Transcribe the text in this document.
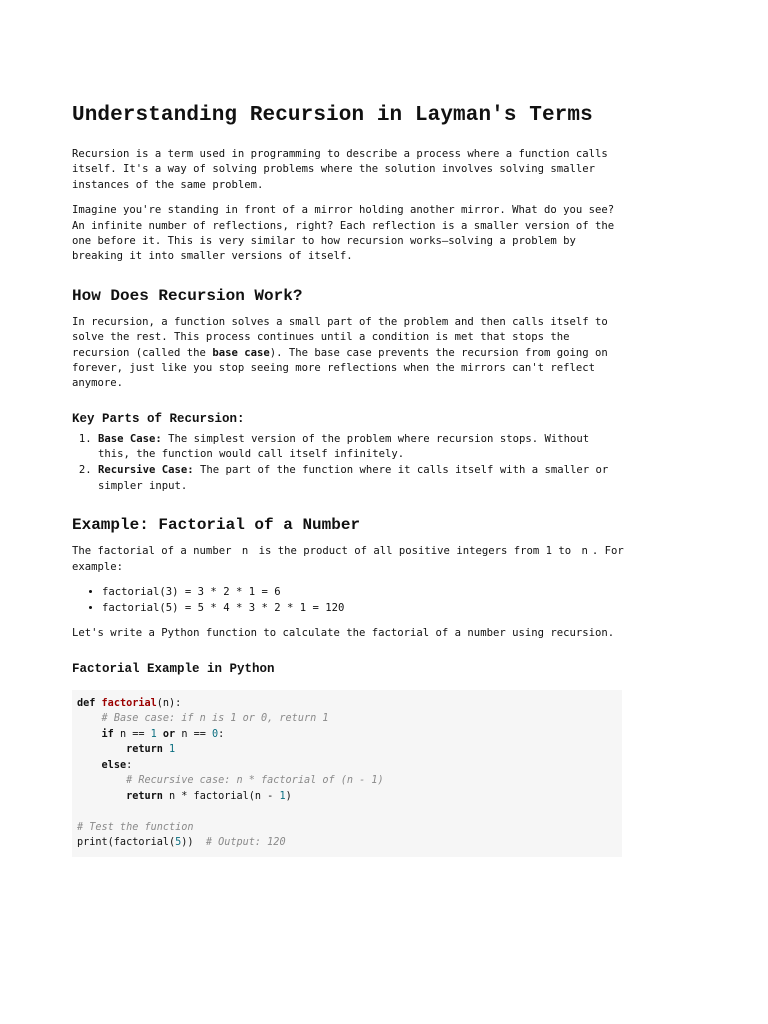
Understanding Recursion in Layman's Terms

Recursion is a term used in programming to describe a process where a function calls itself. It's a way of solving problems where the solution involves solving smaller instances of the same problem.

Imagine you're standing in front of a mirror holding another mirror. What do you see? An infinite number of reflections, right? Each reflection is a smaller version of the one before it. This is very similar to how recursion works—solving a problem by breaking it into smaller versions of itself.

How Does Recursion Work?

In recursion, a function solves a small part of the problem and then calls itself to solve the rest. This process continues until a condition is met that stops the recursion (called the base case). The base case prevents the recursion from going on forever, just like you stop seeing more reflections when the mirrors can't reflect anymore.

Key Parts of Recursion:
1. Base Case: The simplest version of the problem where recursion stops. Without this, the function would call itself infinitely.
2. Recursive Case: The part of the function where it calls itself with a smaller or simpler input.
Example: Factorial of a Number

The factorial of a number n is the product of all positive integers from 1 to n . For example:

• factorial(3) = 3 * 2 * 1 = 6
• factorial(5) = 5 * 4 * 3 * 2 * 1 = 120

Let's write a Python function to calculate the factorial of a number using recursion.

Factorial Example in Python
def factorial(n):
# Base case: if n is 1 or 0, return 1
if n == 1 or n == 0:
return 1
else:
# Recursive case: n * factorial of (n - 1)
return n * factorial(n - 1)

# Test the function
print(factorial(5)) # Output: 120
